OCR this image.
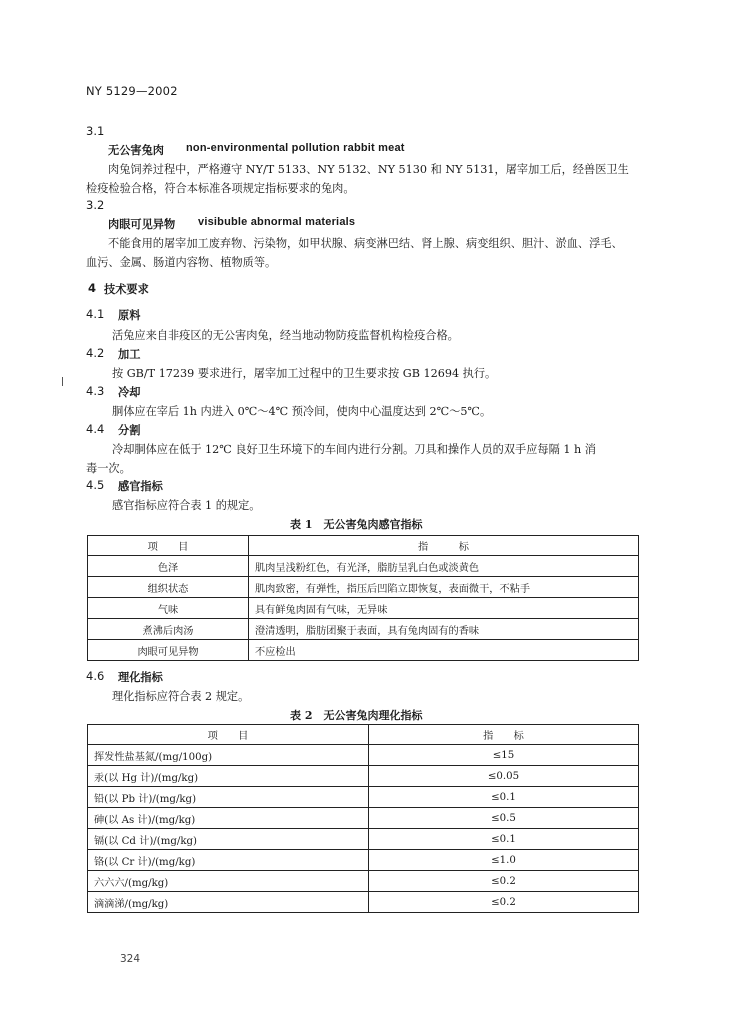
NY 5129—2002
3.1
无公害兔肉 non-environmental pollution rabbit meat
肉兔饲养过程中，严格遵守 NY/T 5133、NY 5132、NY 5130 和 NY 5131，屠宰加工后，经兽医卫生
检疫检验合格，符合本标准各项规定指标要求的兔肉。
3.2
肉眼可见异物 visibuble abnormal materials
不能食用的屠宰加工废弃物、污染物，如甲状腺、病变淋巴结、肾上腺、病变组织、胆汁、淤血、浮毛、
血污、金属、肠道内容物、植物质等。
4 技术要求
4.1 原料
活兔应来自非疫区的无公害肉兔，经当地动物防疫监督机构检疫合格。
4.2 加工
按 GB/T 17239 要求进行，屠宰加工过程中的卫生要求按 GB 12694 执行。
4.3 冷却
胴体应在宰后 1h 内进入 0℃～4℃ 预冷间，使肉中心温度达到 2℃～5℃。
4.4 分割
冷却胴体应在低于 12℃ 良好卫生环境下的车间内进行分割。刀具和操作人员的双手应每隔 1 h 消
毒一次。
4.5 感官指标
感官指标应符合表 1 的规定。
表 1　无公害兔肉感官指标
项　　目	指　　　标
色泽	肌肉呈浅粉红色，有光泽，脂肪呈乳白色或淡黄色
组织状态	肌肉致密，有弹性，指压后凹陷立即恢复，表面微干，不粘手
气味	具有鲜兔肉固有气味，无异味
煮沸后肉汤	澄清透明，脂肪团聚于表面，具有兔肉固有的香味
肉眼可见异物	不应检出
4.6 理化指标
理化指标应符合表 2 规定。
表 2　无公害兔肉理化指标
项　　目	指　　标
挥发性盐基氮/(mg/100g)	≤15
汞(以 Hg 计)/(mg/kg)	≤0.05
铅(以 Pb 计)/(mg/kg)	≤0.1
砷(以 As 计)/(mg/kg)	≤0.5
镉(以 Cd 计)/(mg/kg)	≤0.1
铬(以 Cr 计)/(mg/kg)	≤1.0
六六六/(mg/kg)	≤0.2
滴滴涕/(mg/kg)	≤0.2
324
